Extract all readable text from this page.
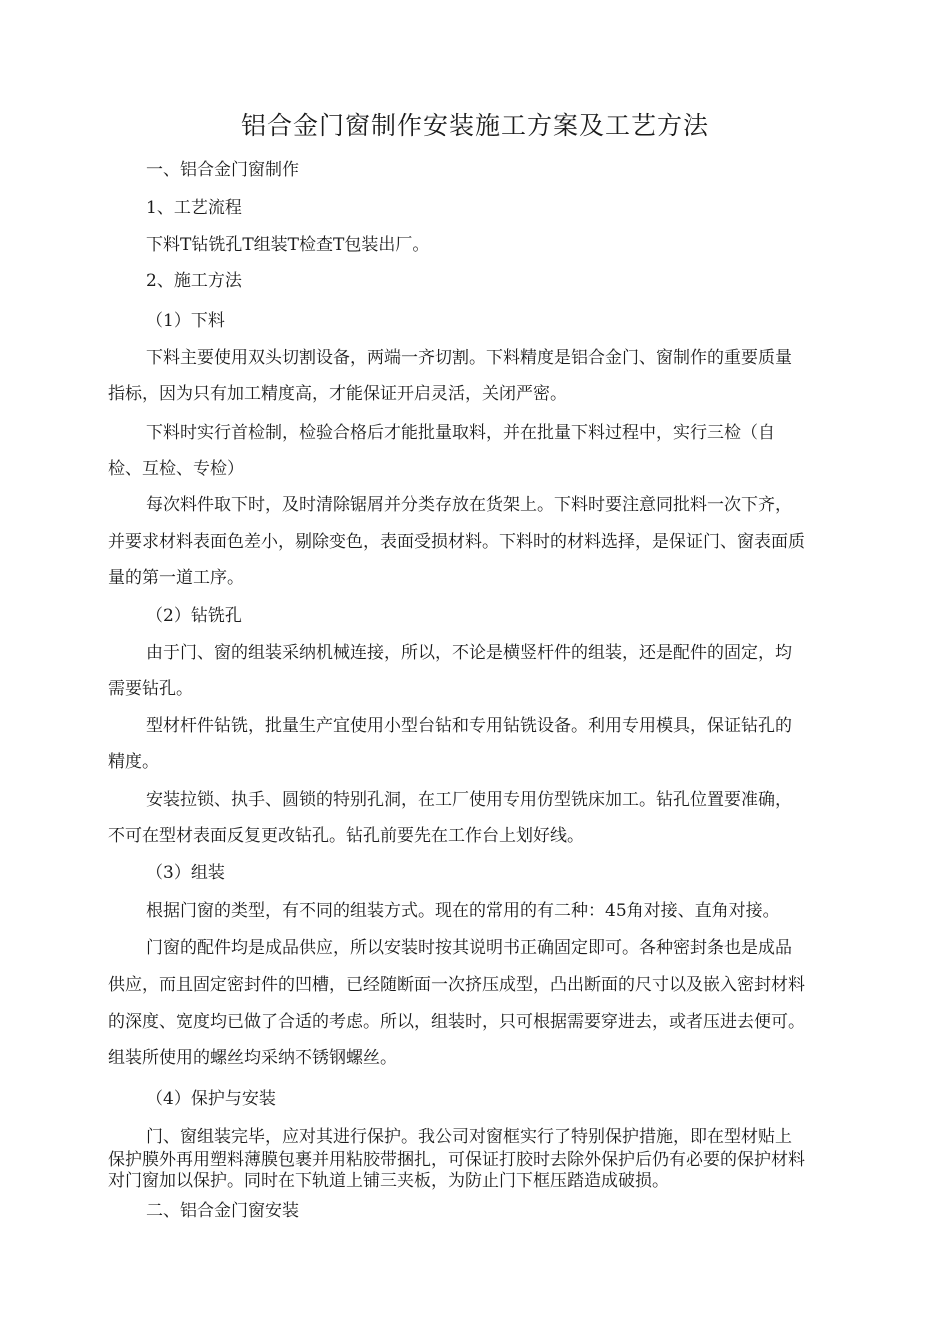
铝合金门窗制作安装施工方案及工艺方法
一、铝合金门窗制作
1、工艺流程
下料T钻铣孔T组装T检查T包装出厂。
2、施工方法
（1）下料
下料主要使用双头切割设备，两端一齐切割。下料精度是铝合金门、窗制作的重要质量
指标，因为只有加工精度高，才能保证开启灵活，关闭严密。
下料时实行首检制，检验合格后才能批量取料，并在批量下料过程中，实行三检（自
检、互检、专检）
每次料件取下时，及时清除锯屑并分类存放在货架上。下料时要注意同批料一次下齐，
并要求材料表面色差小，剔除变色，表面受损材料。下料时的材料选择，是保证门、窗表面质
量的第一道工序。
（2）钻铣孔
由于门、窗的组装采纳机械连接，所以，不论是横竖杆件的组装，还是配件的固定，均
需要钻孔。
型材杆件钻铣，批量生产宜使用小型台钻和专用钻铣设备。利用专用模具，保证钻孔的
精度。
安装拉锁、执手、圆锁的特别孔洞，在工厂使用专用仿型铣床加工。钻孔位置要准确，
不可在型材表面反复更改钻孔。钻孔前要先在工作台上划好线。
（3）组装
根据门窗的类型，有不同的组装方式。现在的常用的有二种：45角对接、直角对接。
门窗的配件均是成品供应，所以安装时按其说明书正确固定即可。各种密封条也是成品
供应，而且固定密封件的凹槽，已经随断面一次挤压成型，凸出断面的尺寸以及嵌入密封材料
的深度、宽度均已做了合适的考虑。所以，组装时，只可根据需要穿进去，或者压进去便可。
组装所使用的螺丝均采纳不锈钢螺丝。
（4）保护与安装
门、窗组装完毕，应对其进行保护。我公司对窗框实行了特别保护措施，即在型材贴上
保护膜外再用塑料薄膜包裹并用粘胶带捆扎，可保证打胶时去除外保护后仍有必要的保护材料
对门窗加以保护。同时在下轨道上铺三夹板，为防止门下框压踏造成破损。
二、铝合金门窗安装
